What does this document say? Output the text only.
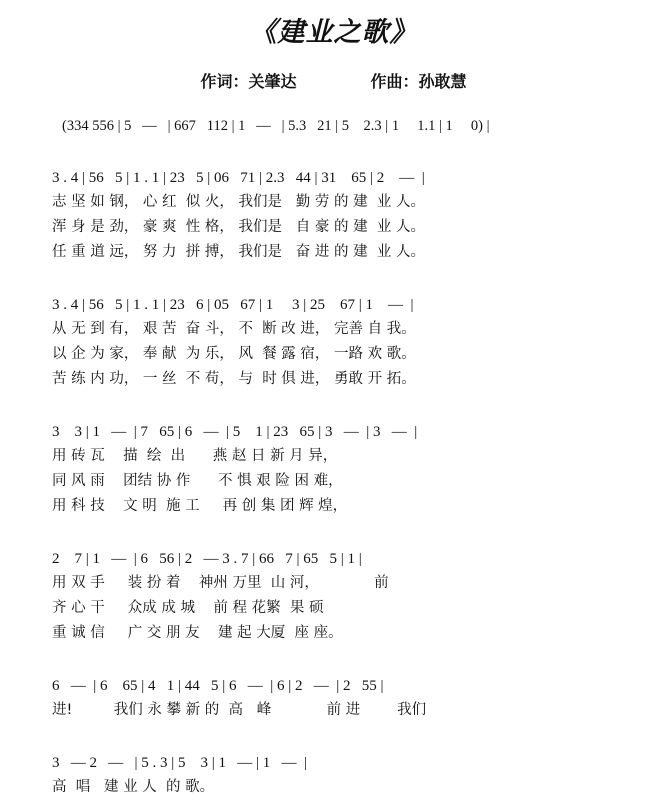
《建业之歌》
作词：关肇达	作曲：孙敢慧
(334 556 | 5   —   | 667   112 | 1   —   | 5.3   21 | 5    2.3 | 1     1.1 | 1     0) |
3 . 4 | 56   5 | 1 . 1 | 23   5 | 06   71 | 2.3   44 | 31    65 | 2    —  |
志 坚 如 钢， 心 红  似 火， 我们是   勤 劳 的 建  业 人。
浑 身 是 劲， 豪 爽  性 格， 我们是   自 豪 的 建  业 人。
任 重 道 远， 努 力  拼 搏， 我们是   奋 进 的 建  业 人。
3 . 4 | 56   5 | 1 . 1 | 23   6 | 05   67 | 1     3 | 25    67 | 1    —  |
从 无 到 有， 艰 苦  奋 斗， 不  断 改 进， 完善 自 我。
以 企 为 家， 奉 献  为 乐， 风  餐 露 宿， 一路 欢 歌。
苦 练 内 功， 一 丝  不 苟， 与  时 俱 进， 勇敢 开 拓。
3    3 | 1   —  | 7   65 | 6   —  | 5    1 | 23   65 | 3   —  | 3   —  |
用 砖 瓦    描  绘  出      燕 赵 日 新 月 异，
同 风 雨    团结 协 作      不 惧 艰 险 困 难，
用 科 技    文 明  施 工     再 创 集 团 辉 煌，
2    7 | 1   —  | 6   56 | 2   — 3 . 7 | 66   7 | 65   5 | 1 |
用 双 手     装 扮 着    神州 万里  山 河，            前
齐 心 干     众成 成 城    前 程 花繁  果 硕
重 诚 信     广 交 朋 友    建 起 大厦  座 座。
6   —  | 6    65 | 4   1 | 44   5 | 6   —  | 6 | 2   —  | 2   55 |
进!         我们 永 攀 新 的  高   峰            前 进        我们
3   — 2   —   | 5 . 3 | 5    3 | 1   — | 1   —  |
高  唱   建 业 人  的 歌。
